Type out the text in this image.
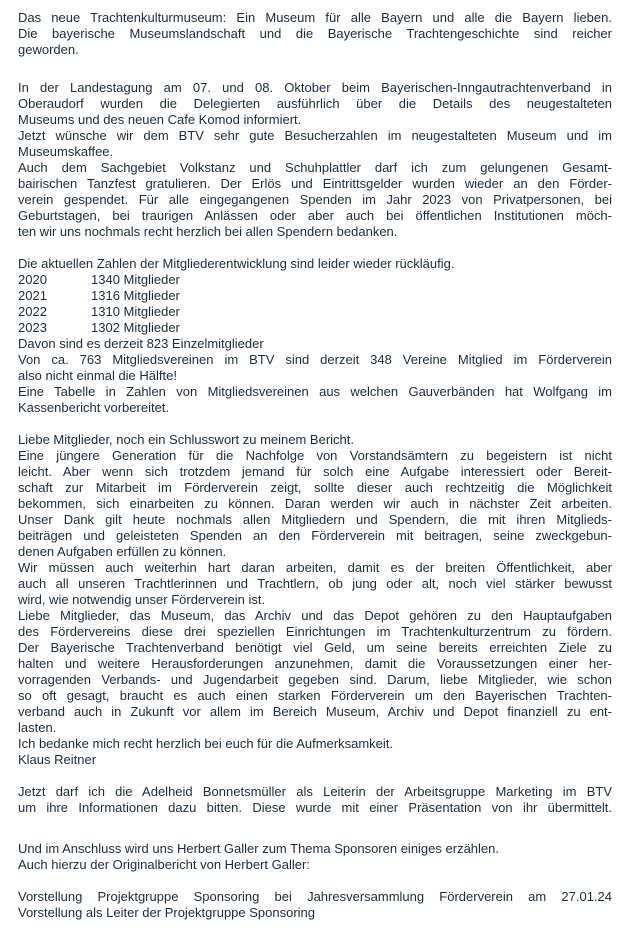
Das neue Trachtenkulturmuseum: Ein Museum für alle Bayern und alle die Bayern lieben.
Die bayerische Museumslandschaft und die Bayerische Trachtengeschichte sind reicher
geworden.
In der Landestagung am 07. und 08. Oktober beim Bayerischen-Inngautrachtenverband in
Oberaudorf wurden die Delegierten ausführlich über die Details des neugestalteten
Museums und des neuen Cafe Komod informiert.
Jetzt wünsche wir dem BTV sehr gute Besucherzahlen im neugestalteten Museum und im
Museumskaffee.
Auch dem Sachgebiet Volkstanz und Schuhplattler darf ich zum gelungenen Gesamt-
bairischen Tanzfest gratulieren. Der Erlös und Eintrittsgelder wurden wieder an den Förder-
verein gespendet. Für alle eingegangenen Spenden im Jahr 2023 von Privatpersonen, bei
Geburtstagen, bei traurigen Anlässen oder aber auch bei öffentlichen Institutionen möch-
ten wir uns nochmals recht herzlich bei allen Spendern bedanken.
Die aktuellen Zahlen der Mitgliederentwicklung sind leider wieder rückläufig.
2020	1340 Mitglieder
2021	1316 Mitglieder
2022	1310 Mitglieder
2023	1302 Mitglieder
Davon sind es derzeit 823 Einzelmitglieder
Von ca. 763 Mitgliedsvereinen im BTV sind derzeit 348 Vereine Mitglied im Förderverein
also nicht einmal die Hälfte!
Eine Tabelle in Zahlen von Mitgliedsvereinen aus welchen Gauverbänden hat Wolfgang im
Kassenbericht vorbereitet.
Liebe Mitglieder, noch ein Schlusswort zu meinem Bericht.
Eine jüngere Generation für die Nachfolge von Vorstandsämtern zu begeistern ist nicht
leicht. Aber wenn sich trotzdem jemand für solch eine Aufgabe interessiert oder Bereit-
schaft zur Mitarbeit im Förderverein zeigt, sollte dieser auch rechtzeitig die Möglichkeit
bekommen, sich einarbeiten zu können. Daran werden wir auch in nächster Zeit arbeiten.
Unser Dank gilt heute nochmals allen Mitgliedern und Spendern, die mit ihren Mitglieds-
beiträgen und geleisteten Spenden an den Förderverein mit beitragen, seine zweckgebun-
denen Aufgaben erfüllen zu können.
Wir müssen auch weiterhin hart daran arbeiten, damit es der breiten Öffentlichkeit, aber
auch all unseren Trachtlerinnen und Trachtlern, ob jung oder alt, noch viel stärker bewusst
wird, wie notwendig unser Förderverein ist.
Liebe Mitglieder, das Museum, das Archiv und das Depot gehören zu den Hauptaufgaben
des Fördervereins diese drei speziellen Einrichtungen im Trachtenkulturzentrum zu fördern.
Der Bayerische Trachtenverband benötigt viel Geld, um seine bereits erreichten Ziele zu
halten und weitere Herausforderungen anzunehmen, damit die Voraussetzungen einer her-
vorragenden Verbands- und Jugendarbeit gegeben sind. Darum, liebe Mitglieder, wie schon
so oft gesagt, braucht es auch einen starken Förderverein um den Bayerischen Trachten-
verband auch in Zukunft vor allem im Bereich Museum, Archiv und Depot finanziell zu ent-
lasten.
Ich bedanke mich recht herzlich bei euch für die Aufmerksamkeit.
Klaus Reitner
Jetzt darf ich die Adelheid Bonnetsmüller als Leiterin der Arbeitsgruppe Marketing im BTV
um ihre Informationen dazu bitten. Diese wurde mit einer Präsentation von ihr übermittelt.
Und im Anschluss wird uns Herbert Galler zum Thema Sponsoren einiges erzählen.
Auch hierzu der Originalbericht von Herbert Galler:
Vorstellung Projektgruppe Sponsoring bei Jahresversammlung Förderverein am 27.01.24
Vorstellung als Leiter der Projektgruppe Sponsoring
